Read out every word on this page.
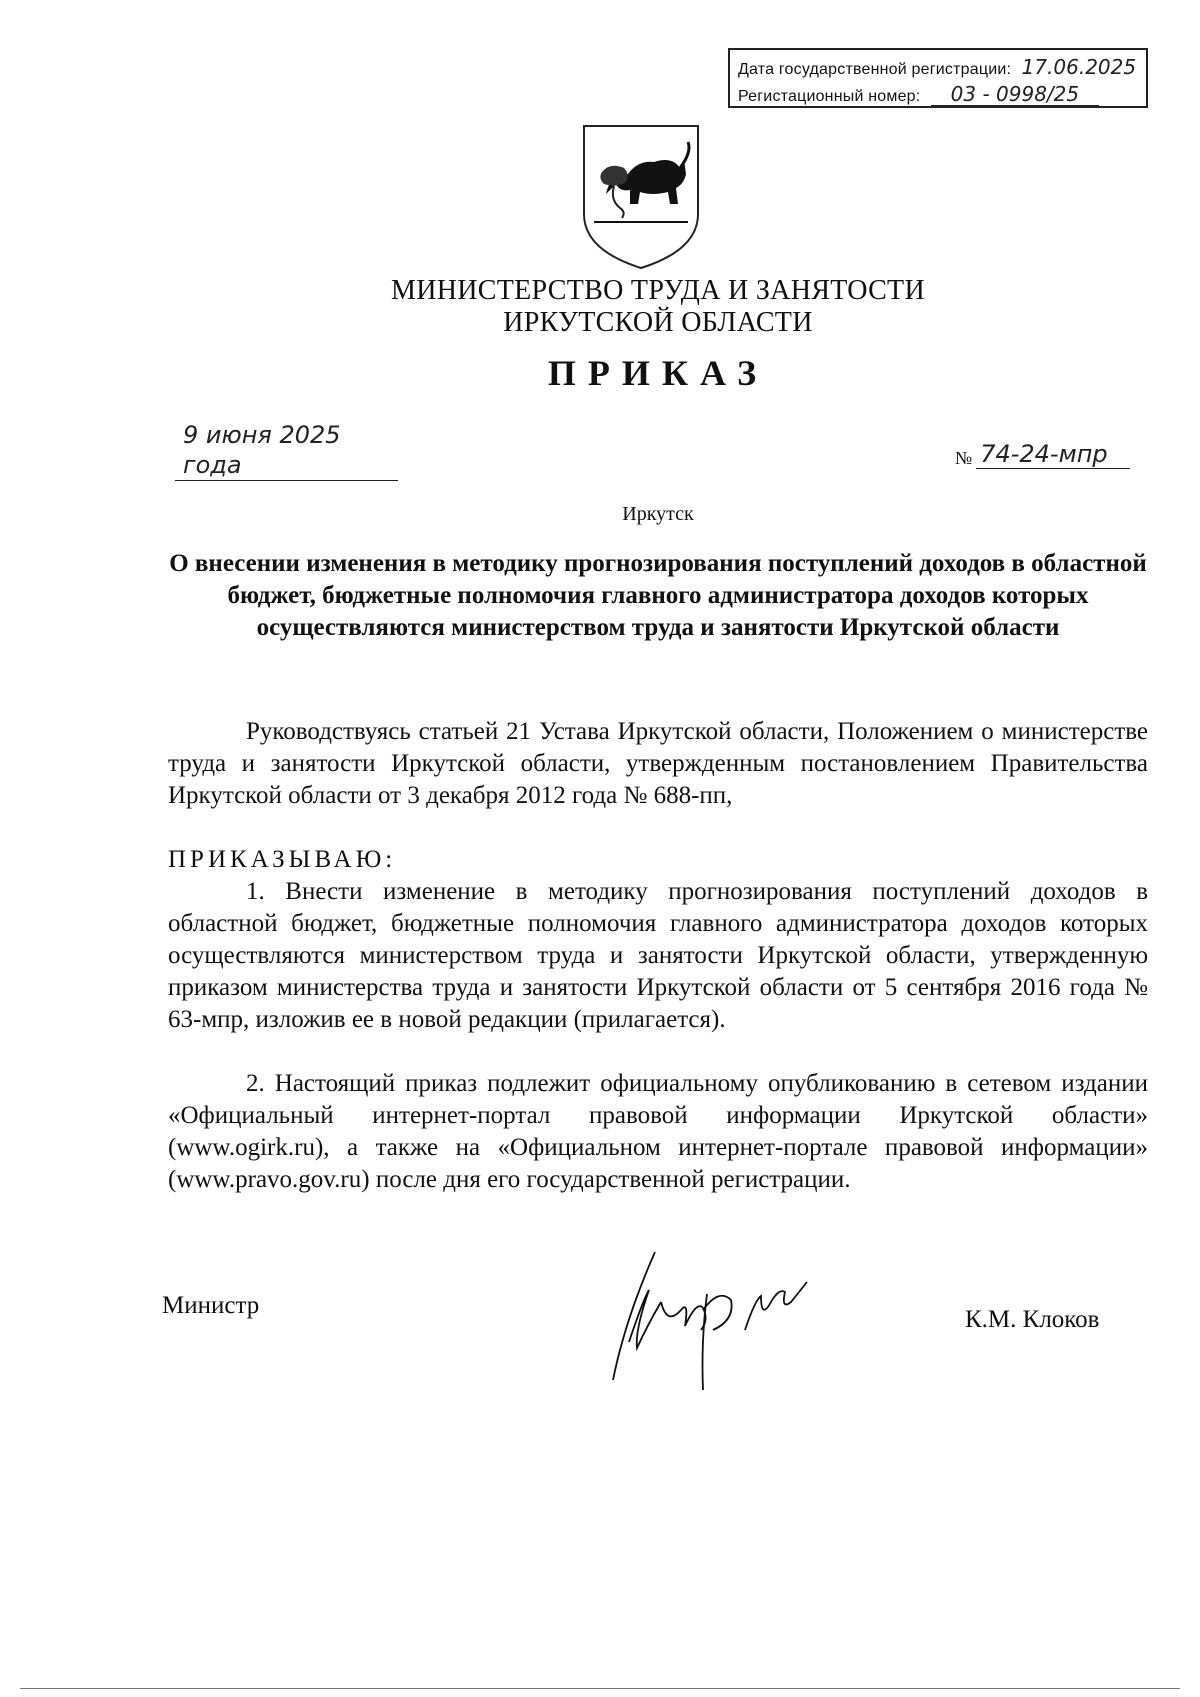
Дата государственной регистрации: 17.06.2025
Регистационный номер: 03 - 0998/25
МИНИСТЕРСТВО ТРУДА И ЗАНЯТОСТИ
ИРКУТСКОЙ ОБЛАСТИ
ПРИКАЗ
9 июня 2025 года	№ 74-24-мпр
Иркутск
О внесении изменения в методику прогнозирования поступлений доходов в областной бюджет, бюджетные полномочия главного администратора доходов которых осуществляются министерством труда и занятости Иркутской области

Руководствуясь статьей 21 Устава Иркутской области, Положением о министерстве труда и занятости Иркутской области, утвержденным постановлением Правительства Иркутской области от 3 декабря 2012 года № 688-пп,

ПРИКАЗЫВАЮ:

1. Внести изменение в методику прогнозирования поступлений доходов в областной бюджет, бюджетные полномочия главного администратора доходов которых осуществляются министерством труда и занятости Иркутской области, утвержденную приказом министерства труда и занятости Иркутской области от 5 сентября 2016 года № 63-мпр, изложив ее в новой редакции (прилагается).

2. Настоящий приказ подлежит официальному опубликованию в сетевом издании «Официальный интернет-портал правовой информации Иркутской области» (www.ogirk.ru), а также на «Официальном интернет-портале правовой информации» (www.pravo.gov.ru) после дня его государственной регистрации.

Министр
К.М. Клоков
